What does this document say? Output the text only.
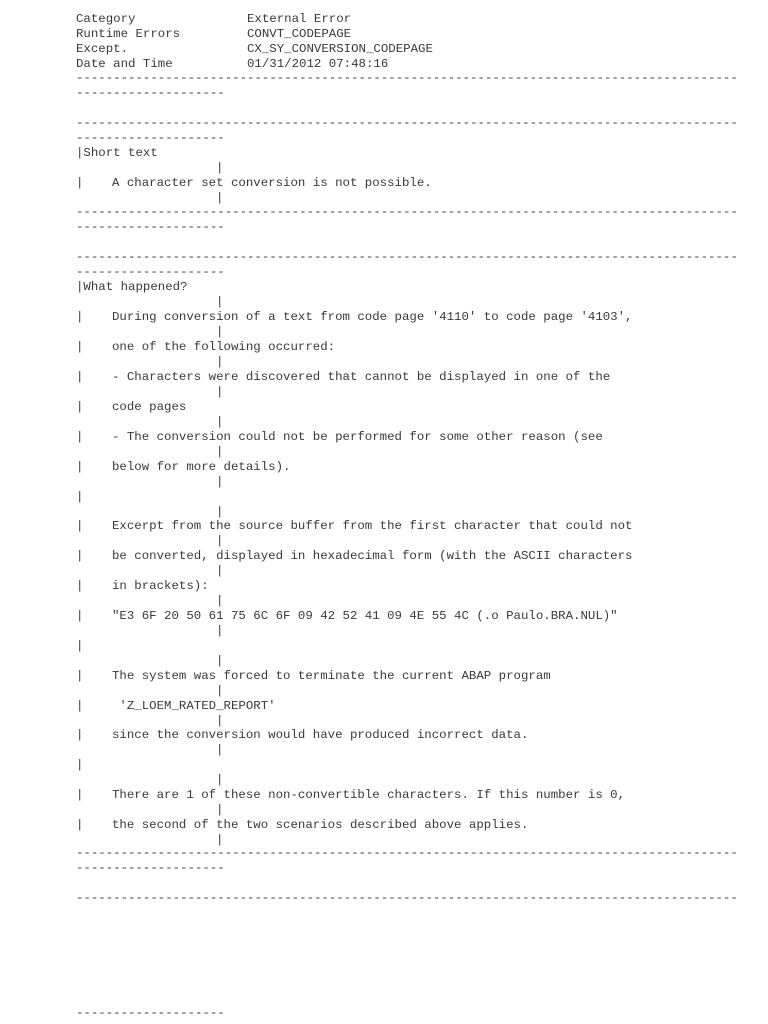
Category	External Error
Runtime Errors	CONVT_CODEPAGE
Except.	CX_SY_CONVERSION_CODEPAGE
Date and Time	01/31/2012 07:48:16
-----------------------------------------------------------------------------------------
--------------------
-----------------------------------------------------------------------------------------
--------------------
|Short text
|
| A character set conversion is not possible.
|
-----------------------------------------------------------------------------------------
--------------------
-----------------------------------------------------------------------------------------
--------------------
|What happened?
|
| During conversion of a text from code page '4110' to code page '4103',
|
| one of the following occurred:
|
| - Characters were discovered that cannot be displayed in one of the
|
| code pages
|
| - The conversion could not be performed for some other reason (see
|
| below for more details).
|
|
|
| Excerpt from the source buffer from the first character that could not
|
| be converted, displayed in hexadecimal form (with the ASCII characters
|
| in brackets):
|
| "E3 6F 20 50 61 75 6C 6F 09 42 52 41 09 4E 55 4C (.o Paulo.BRA.NUL)"
|
|
|
| The system was forced to terminate the current ABAP program
|
| 'Z_LOEM_RATED_REPORT'
|
| since the conversion would have produced incorrect data.
|
|
|
| There are 1 of these non-convertible characters. If this number is 0,
|
| the second of the two scenarios described above applies.
|
-----------------------------------------------------------------------------------------
--------------------
-----------------------------------------------------------------------------------------
--------------------
